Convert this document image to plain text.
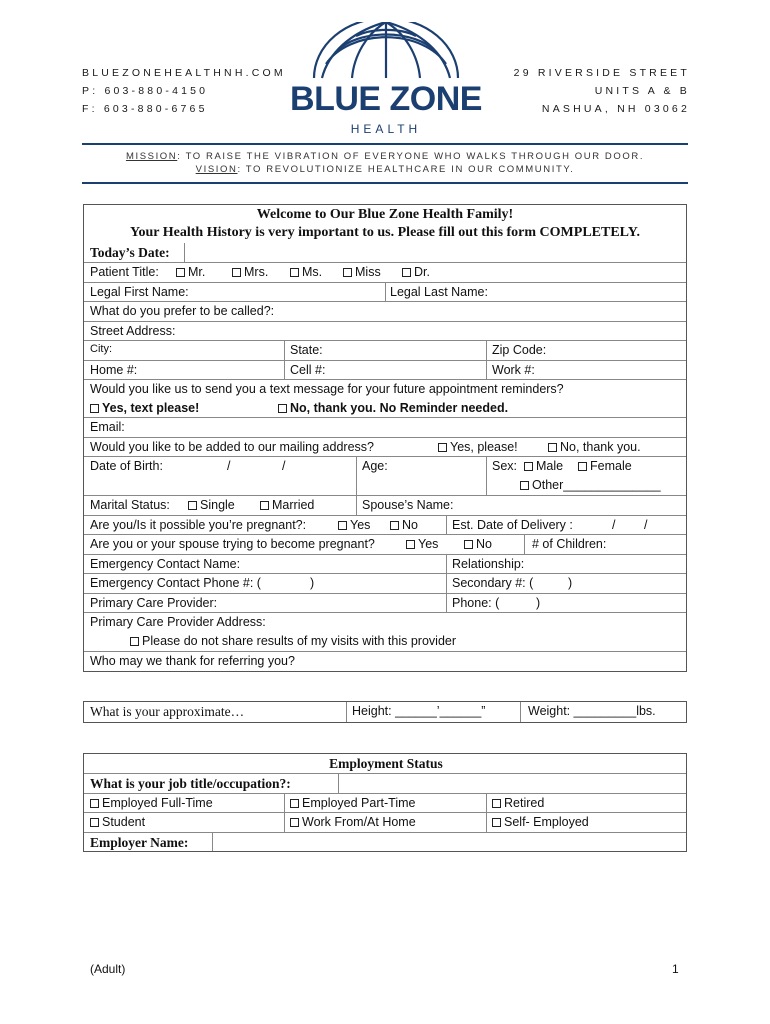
BLUEZONEHEALTHNH.COM
P: 603-880-4150
F: 603-880-6765	BLUE ZONE
HEALTH
29 RIVERSIDE STREET
UNITS A & B
NASHUA, NH 03062
MISSION: TO RAISE THE VIBRATION OF EVERYONE WHO WALKS THROUGH OUR DOOR.
VISION: TO REVOLUTIONIZE HEALTHCARE IN OUR COMMUNITY.
Welcome to Our Blue Zone Health Family!
Your Health History is very important to us. Please fill out this form COMPLETELY.
Today’s Date:
Patient Title:	Mr.	Mrs.	Ms.	Miss	Dr.
Legal First Name:	Legal Last Name:
What do you prefer to be called?:
Street Address:
City:	State:	Zip Code:
Home #:	Cell #:	Work #:
Would you like us to send you a text message for your future appointment reminders?
Yes, text please!	No, thank you. No Reminder needed.
Email:
Would you like to be added to our mailing address?	Yes, please!	No, thank you.
Date of Birth:	/	/	Age:	Sex:	Male	Female
Other______________
Marital Status:	Single	Married	Spouse’s Name:
Are you/Is it possible you’re pregnant?:	Yes	No	Est. Date of Delivery :	/ /
Are you or your spouse trying to become pregnant?	Yes	No	# of Children:
Emergency Contact Name:	Relationship:
Emergency Contact Phone #: (	)	Secondary #: (	)
Primary Care Provider:	Phone: (	)
Primary Care Provider Address:
Please do not share results of my visits with this provider
Who may we thank for referring you?
What is your approximate…	Height: ______’______”	Weight: _________lbs.
Employment Status
What is your job title/occupation?:
Employed Full-Time	Employed Part-Time	Retired
Student	Work From/At Home	Self- Employed
Employer Name:
(Adult)	1
